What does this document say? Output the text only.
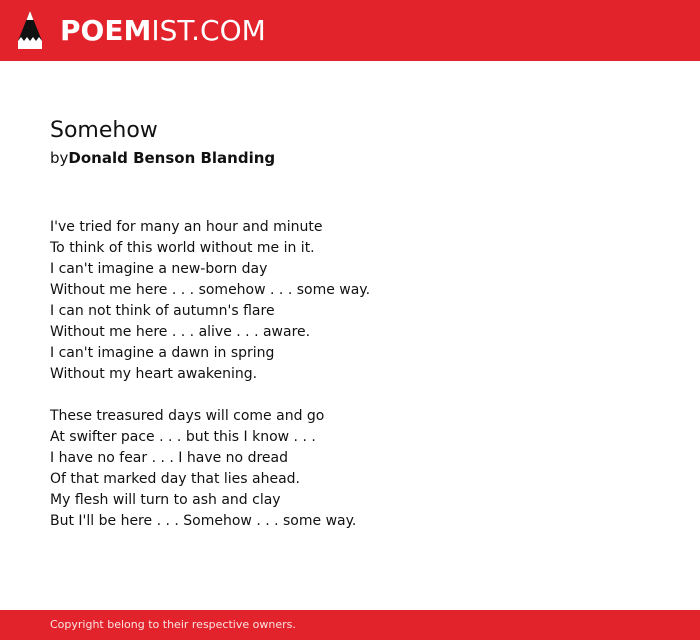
POEMIST.COM
Somehow
byDonald Benson Blanding

I've tried for many an hour and minute
To think of this world without me in it.
I can't imagine a new-born day
Without me here . . . somehow . . . some way.
I can not think of autumn's flare
Without me here . . . alive . . . aware.
I can't imagine a dawn in spring
Without my heart awakening.

These treasured days will come and go
At swifter pace . . . but this I know . . .
I have no fear . . . I have no dread
Of that marked day that lies ahead.
My flesh will turn to ash and clay
But I'll be here . . . Somehow . . . some way.

Copyright belong to their respective owners.
